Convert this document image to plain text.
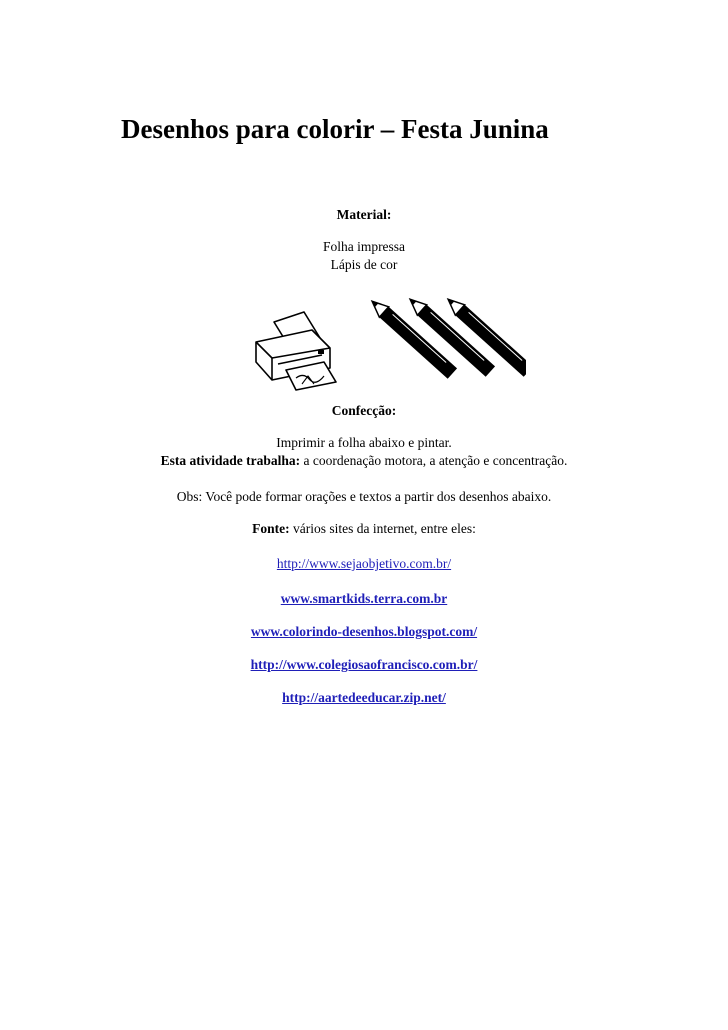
Desenhos para colorir – Festa Junina

Material:

Folha impressa

Lápis de cor

Confecção:

Imprimir a folha abaixo e pintar.

Esta atividade trabalha: a coordenação motora, a atenção e concentração.

Obs: Você pode formar orações e textos a partir dos desenhos abaixo.

Fonte: vários sites da internet, entre eles:

http://www.sejaobjetivo.com.br/

www.smartkids.terra.com.br

www.colorindo-desenhos.blogspot.com/

http://www.colegiosaofrancisco.com.br/

http://aartedeeducar.zip.net/
